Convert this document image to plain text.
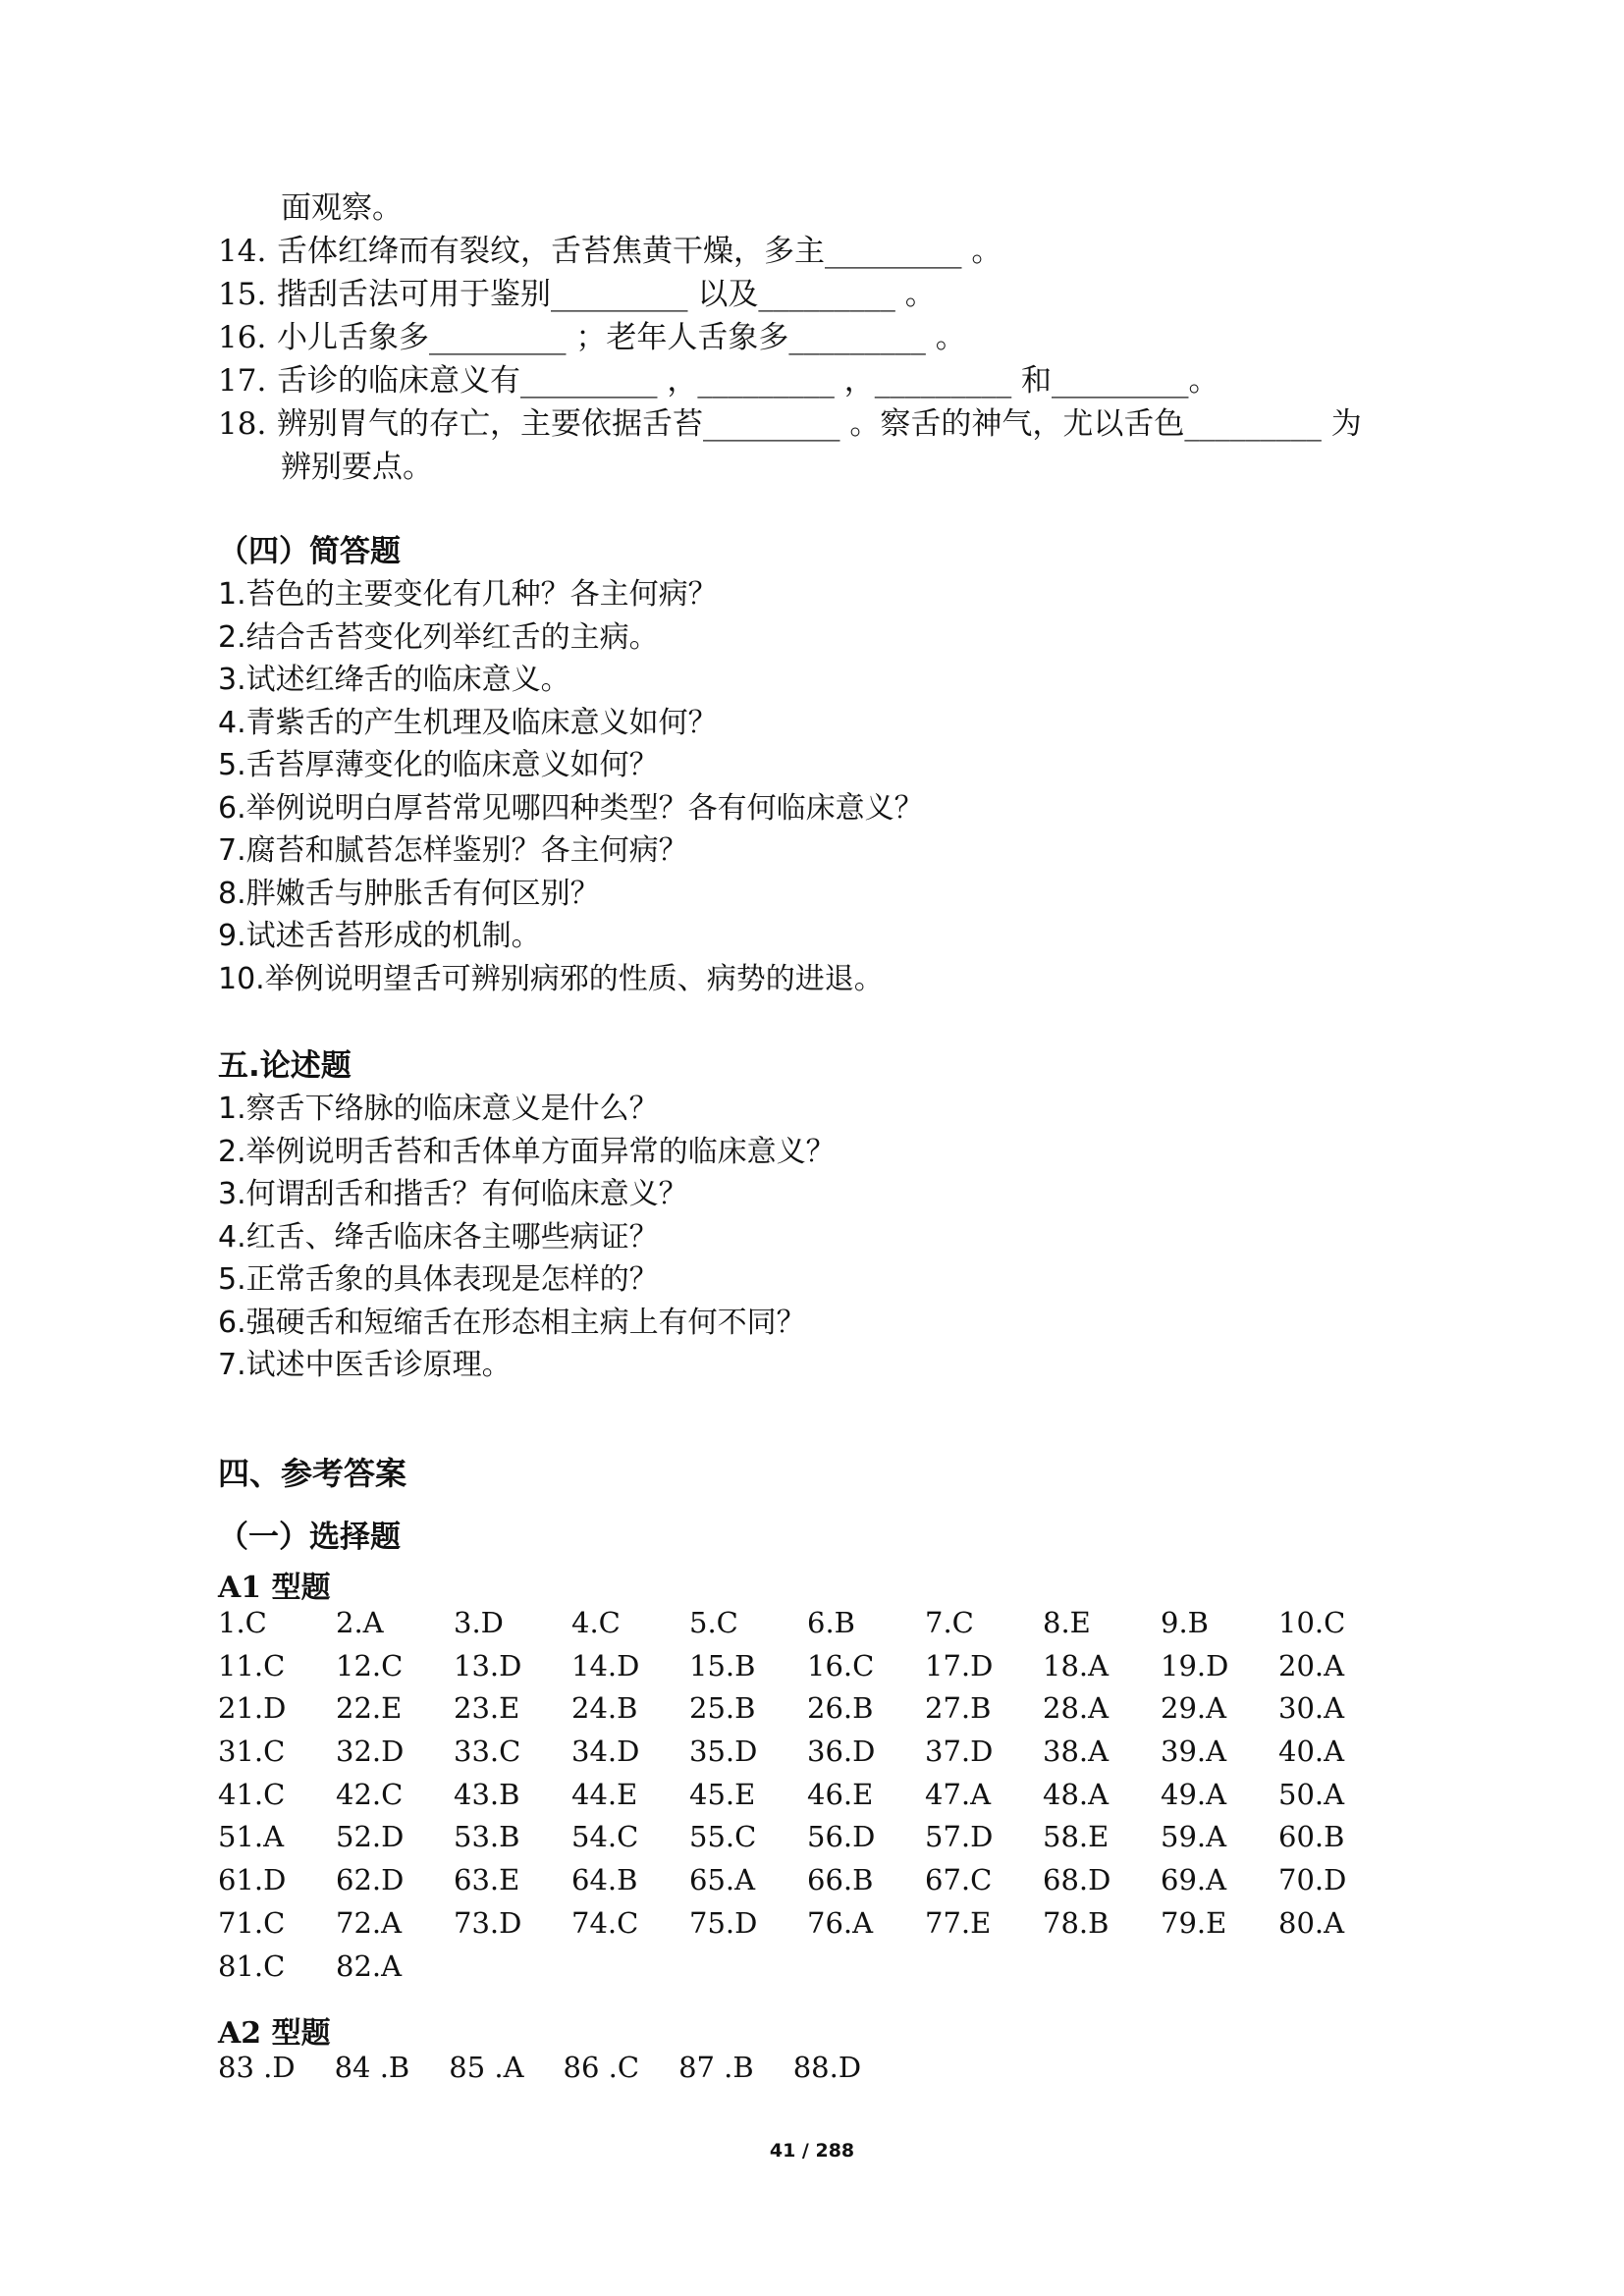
面观察。
14. 舌体红绛而有裂纹，舌苔焦黄干燥，多主_________ 。
15. 揩刮舌法可用于鉴别_________ 以及_________ 。
16. 小儿舌象多_________ ；老年人舌象多_________ 。
17. 舌诊的临床意义有_________ ，_________ ，_________ 和_________。
18. 辨别胃气的存亡，主要依据舌苔_________ 。察舌的神气，尤以舌色_________ 为
辨别要点。
（四）简答题
1.苔色的主要变化有几种？各主何病？
2.结合舌苔变化列举红舌的主病。
3.试述红绛舌的临床意义。
4.青紫舌的产生机理及临床意义如何？
5.舌苔厚薄变化的临床意义如何？
6.举例说明白厚苔常见哪四种类型？各有何临床意义？
7.腐苔和腻苔怎样鉴别？各主何病？
8.胖嫩舌与肿胀舌有何区别？
9.试述舌苔形成的机制。
10.举例说明望舌可辨别病邪的性质、病势的进退。
五.论述题
1.察舌下络脉的临床意义是什么？
2.举例说明舌苔和舌体单方面异常的临床意义？
3.何谓刮舌和揩舌？有何临床意义？
4.红舌、绛舌临床各主哪些病证？
5.正常舌象的具体表现是怎样的？
6.强硬舌和短缩舌在形态相主病上有何不同？
7.试述中医舌诊原理。
四、参考答案
（一）选择题
A1 型题
1.C	2.A	3.D	4.C	5.C	6.B	7.C	8.E	9.B	10.C
11.C	12.C	13.D	14.D	15.B	16.C	17.D	18.A	19.D	20.A
21.D	22.E	23.E	24.B	25.B	26.B	27.B	28.A	29.A	30.A
31.C	32.D	33.C	34.D	35.D	36.D	37.D	38.A	39.A	40.A
41.C	42.C	43.B	44.E	45.E	46.E	47.A	48.A	49.A	50.A
51.A	52.D	53.B	54.C	55.C	56.D	57.D	58.E	59.A	60.B
61.D	62.D	63.E	64.B	65.A	66.B	67.C	68.D	69.A	70.D
71.C	72.A	73.D	74.C	75.D	76.A	77.E	78.B	79.E	80.A
81.C	82.A
A2 型题
83 .D 84 .B 85 .A 86 .C 87 .B 88.D
41 / 288
